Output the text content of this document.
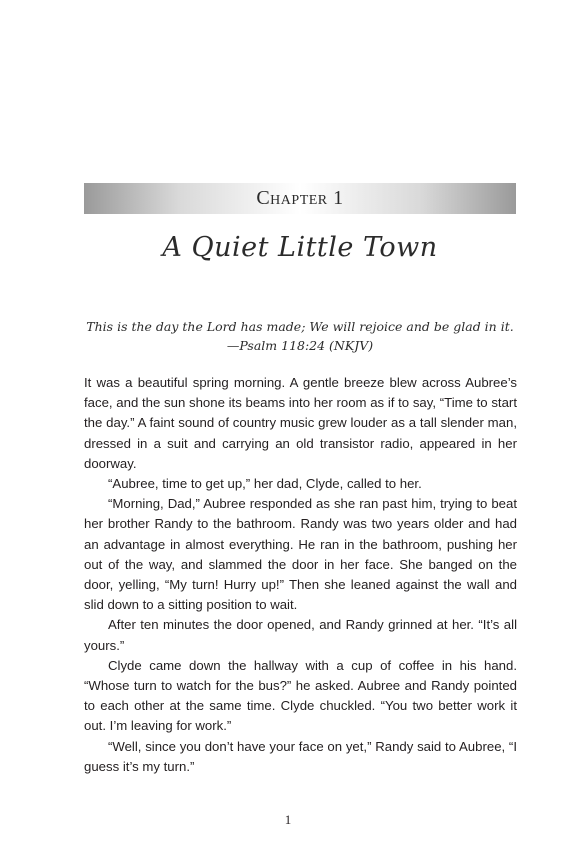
Chapter 1
A Quiet Little Town
This is the day the Lord has made; We will rejoice and be glad in it.
—Psalm 118:24 (NKJV)

It was a beautiful spring morning. A gentle breeze blew across Aubree’s face, and the sun shone its beams into her room as if to say, “Time to start the day.” A faint sound of country music grew louder as a tall slender man, dressed in a suit and carrying an old transistor radio, appeared in her doorway.

“Aubree, time to get up,” her dad, Clyde, called to her.

“Morning, Dad,” Aubree responded as she ran past him, trying to beat her brother Randy to the bathroom. Randy was two years older and had an advantage in almost everything. He ran in the bathroom, pushing her out of the way, and slammed the door in her face. She banged on the door, yelling, “My turn! Hurry up!” Then she leaned against the wall and slid down to a sitting position to wait.

After ten minutes the door opened, and Randy grinned at her. “It’s all yours.”

Clyde came down the hallway with a cup of coffee in his hand. “Whose turn to watch for the bus?” he asked. Aubree and Randy pointed to each other at the same time. Clyde chuckled. “You two better work it out. I’m leaving for work.”

“Well, since you don’t have your face on yet,” Randy said to Aubree, “I guess it’s my turn.”

1
